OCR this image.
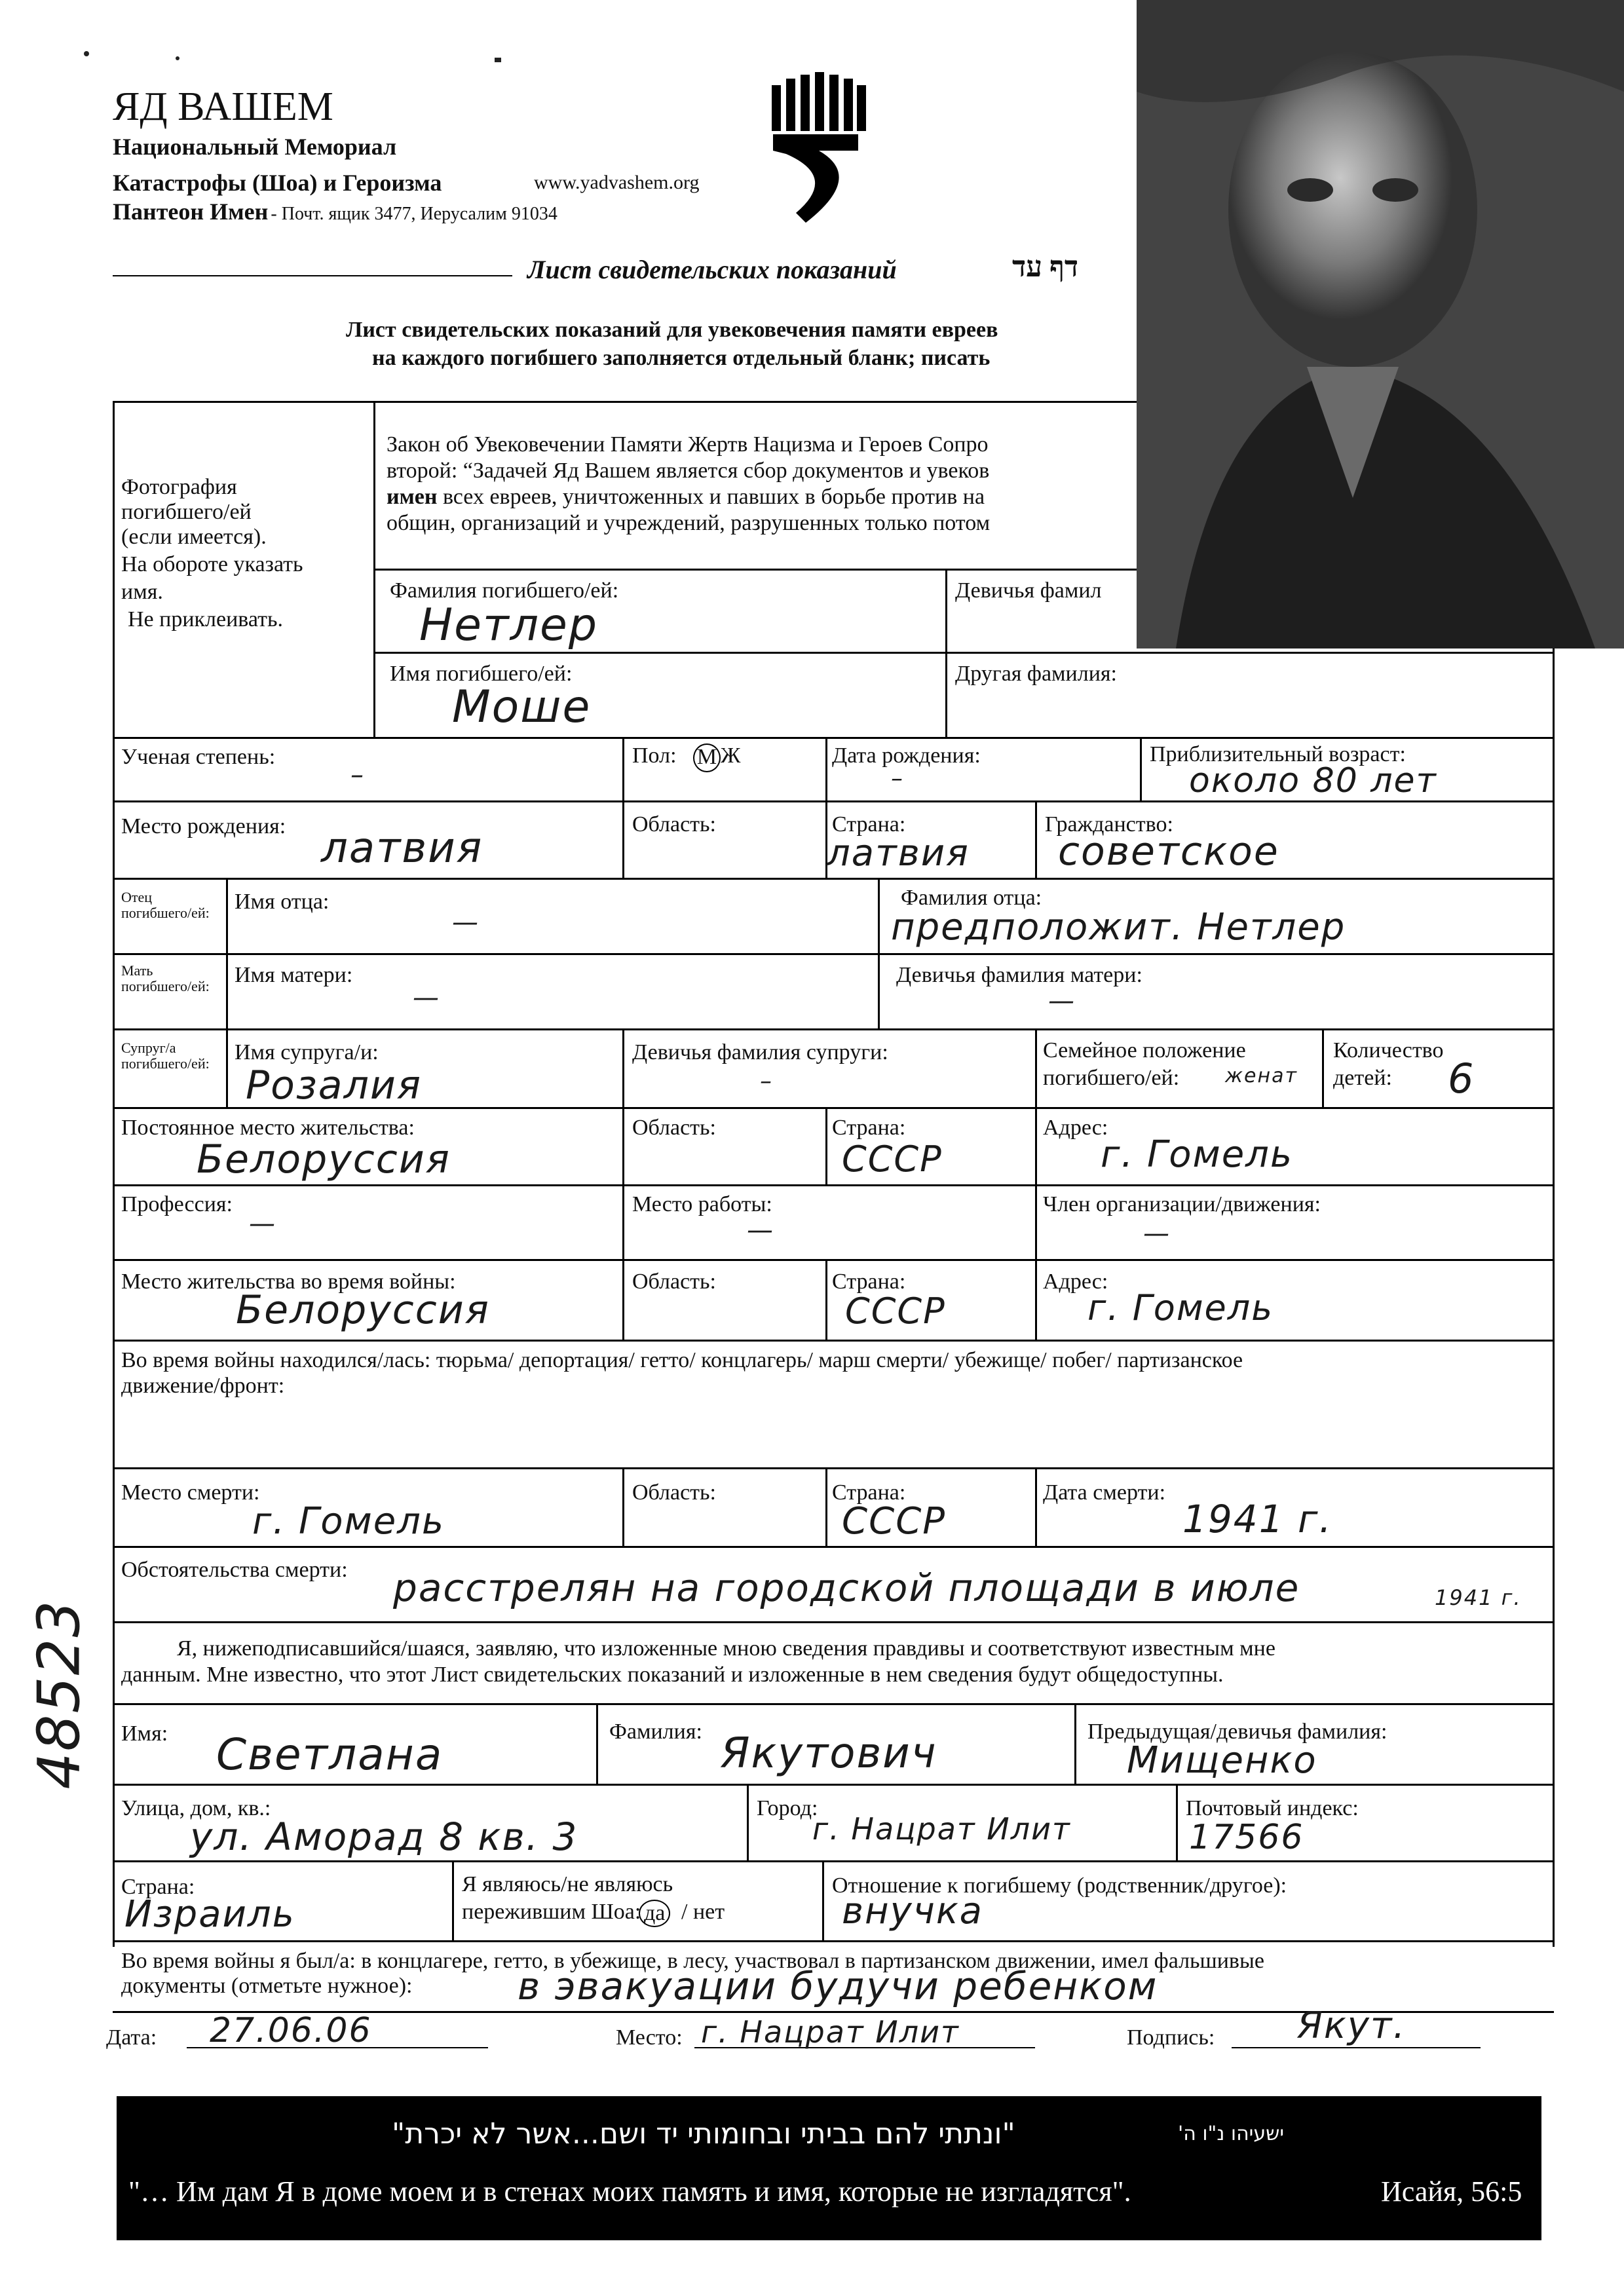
ЯД ВАШЕМ
Национальный Мемориал
Катастрофы (Шоа) и Героизма	www.yadvashem.org
Пантеон Имен - Почт. ящик 3477, Иерусалим 91034
Лист свидетельских показаний	דף עד
Лист свидетельских показаний для увековечения памяти евреев
на каждого погибшего заполняется отдельный бланк; писать
Фотография
погибшего/ей
(если имеется).
На обороте указать
имя.
Не приклеивать.
Закон об Увековечении Памяти Жертв Нацизма и Героев Сопро
второй: “Задачей Яд Вашем является сбор документов и увеков
имен всех евреев, уничтоженных и павших в борьбе против на
общин, организаций и учреждений, разрушенных только потом
Фамилия погибшего/ей:
Нетлер
Девичья фамил
Имя погибшего/ей:
Моше
Другая фамилия:
Ученая степень:
–
Пол: М Ж	Дата рождения:
–
Приблизительный возраст:
около 80 лет
Место рождения: латвия	Область:	Страна:
латвия
Гражданство:
советское
Отец погибшего/ей:	Имя отца:
—
Фамилия отца:
предположит. Нетлер
Мать погибшего/ей:	Имя матери:
—
Девичья фамилия матери:
—
Супруг/а погибшего/ей:	Имя супруга/и:
Розалия
Девичья фамилия супруги:
–
Семейное положение
погибшего/ей: женат
Количество
детей: 6
Постоянное место жительства:
Белоруссия
Область:	Страна:
СССР
Адрес:
г. Гомель
Профессия:
—
Место работы:
—
Член организации/движения:
—
Место жительства во время войны:
Белоруссия
Область:	Страна:
СССР
Адрес:
г. Гомель
Во время войны находился/лась: тюрьма/ депортация/ гетто/ концлагерь/ марш смерти/ убежище/ побег/ партизанское
движение/фронт:
Место смерти:
г. Гомель
Область:	Страна:
СССР
Дата смерти:
1941 г.
Обстоятельства смерти: расстрелян на городской площади в июле	1941 г.
Я, нижеподписавшийся/шаяся, заявляю, что изложенные мною сведения правдивы и соответствуют известным мне
данным. Мне известно, что этот Лист свидетельских показаний и изложенные в нем сведения будут общедоступны.
Имя: Светлана	Фамилия: Якутович	Предыдущая/девичья фамилия:
Мищенко
Улица, дом, кв.:
ул. Аморад 8 кв. 3
Город:
г. Нацрат Илит
Почтовый индекс:
17566
Страна:
Израиль
Я являюсь/не являюсь
пережившим Шоа: да / нет
Отношение к погибшему (родственник/другое):
внучка
Во время войны я был/а: в концлагере, гетто, в убежище, в лесу, участвовал в партизанском движении, имел фальшивые
документы (отметьте нужное):	в эвакуации будучи ребенком
Дата: 27.06.06	Место: г. Нацрат Илит	Подпись: Якут.
48523
ישעיהו נ"ו ה'
"ונתתי להם בביתי ובחומותי יד ושם...אשר לא יכרת"
"… Им дам Я в доме моем и в стенах моих память и имя, которые не изгладятся".	Исайя, 56:5
